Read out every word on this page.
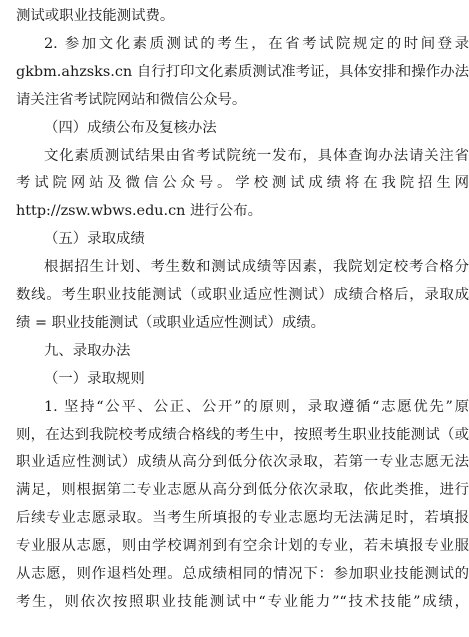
测试或职业技能测试费。
2. 参加文化素质测试的考生，在省考试院规定的时间登录
gkbm.ahzsks.cn 自行打印文化素质测试准考证，具体安排和操作办法
请关注省考试院网站和微信公众号。
（四）成绩公布及复核办法
文化素质测试结果由省考试院统一发布，具体查询办法请关注省
考试院网站及微信公众号。学校测试成绩将在我院招生网
http://zsw.wbws.edu.cn 进行公布。
（五）录取成绩
根据招生计划、考生数和测试成绩等因素，我院划定校考合格分
数线。考生职业技能测试（或职业适应性测试）成绩合格后，录取成
绩 = 职业技能测试（或职业适应性测试）成绩。
九、录取办法
（一）录取规则
1. 坚持“公平、公正、公开”的原则，录取遵循“志愿优先”原
则，在达到我院校考成绩合格线的考生中，按照考生职业技能测试（或
职业适应性测试）成绩从高分到低分依次录取，若第一专业志愿无法
满足，则根据第二专业志愿从高分到低分依次录取，依此类推，进行
后续专业志愿录取。当考生所填报的专业志愿均无法满足时，若填报
专业服从志愿，则由学校调剂到有空余计划的专业，若未填报专业服
从志愿，则作退档处理。总成绩相同的情况下：参加职业技能测试的
考生，则依次按照职业技能测试中“专业能力”“技术技能”成绩，
